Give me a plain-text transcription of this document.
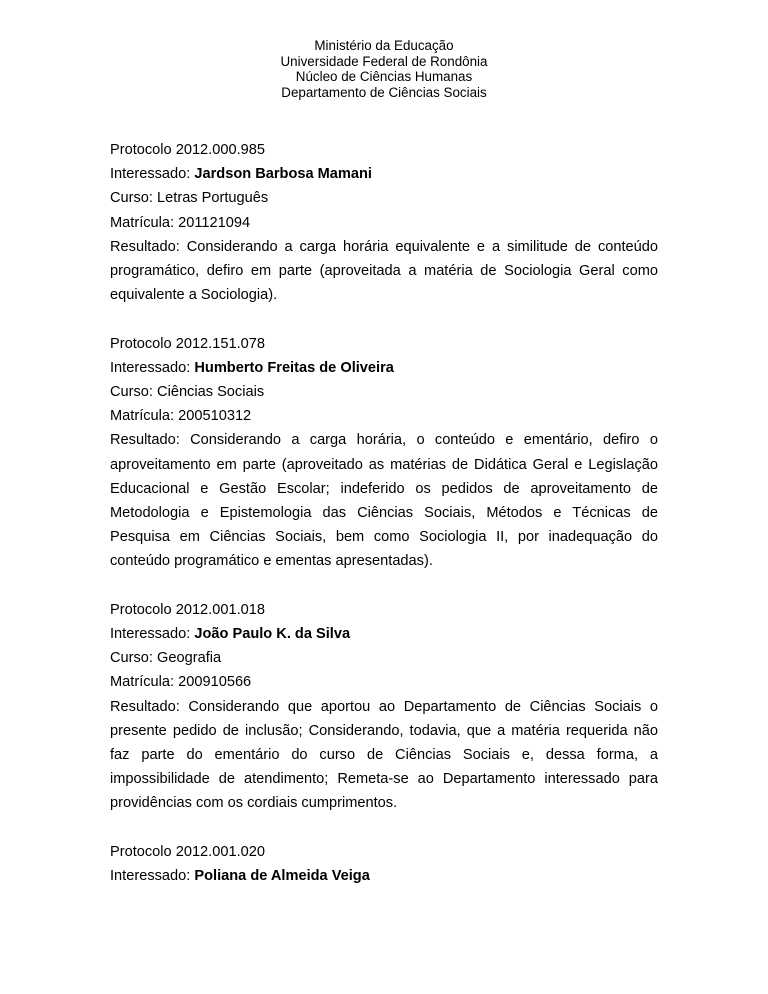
Ministério da Educação
Universidade Federal de Rondônia
Núcleo de Ciências Humanas
Departamento de Ciências Sociais
Protocolo 2012.000.985
Interessado: Jardson Barbosa Mamani
Curso: Letras Português
Matrícula: 201121094
Resultado: Considerando a carga horária equivalente e a similitude de conteúdo programático, defiro em parte (aproveitada a matéria de Sociologia Geral como equivalente a Sociologia).
Protocolo 2012.151.078
Interessado: Humberto Freitas de Oliveira
Curso: Ciências Sociais
Matrícula: 200510312
Resultado: Considerando a carga horária, o conteúdo e ementário, defiro o aproveitamento em parte (aproveitado as matérias de Didática Geral e Legislação Educacional e Gestão Escolar; indeferido os pedidos de aproveitamento de Metodologia e Epistemologia das Ciências Sociais, Métodos e Técnicas de Pesquisa em Ciências Sociais, bem como Sociologia II, por inadequação do conteúdo programático e ementas apresentadas).
Protocolo 2012.001.018
Interessado: João Paulo K. da Silva
Curso: Geografia
Matrícula: 200910566
Resultado: Considerando que aportou ao Departamento de Ciências Sociais o presente pedido de inclusão; Considerando, todavia, que a matéria requerida não faz parte do ementário do curso de Ciências Sociais e, dessa forma, a impossibilidade de atendimento; Remeta-se ao Departamento interessado para providências com os cordiais cumprimentos.
Protocolo 2012.001.020
Interessado: Poliana de Almeida Veiga
